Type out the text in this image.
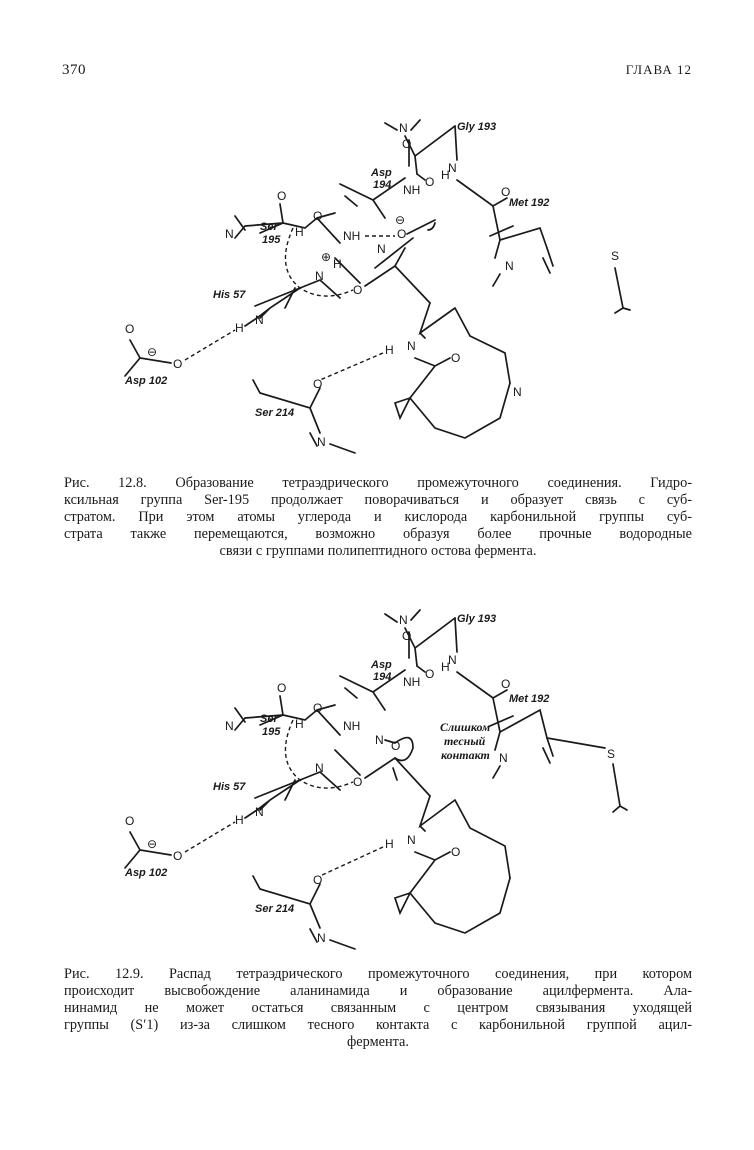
370	ГЛАВА 12
N
O
Gly 193
N
H
Asp
194	O
NH	O
Met 192
N
S
O
N Ser
195
H
O
NH	O
⊖
N
N
⊕ H
His 57
N
O
O
⊖
O
H
Asp 102
N
H
O
O
N
Ser 214
N
Рис. 12.8. Образование тетраэдрического промежуточного соединения. Гидро-
ксильная группа Ser-195 продолжает поворачиваться и образует связь с суб-
стратом. При этом атомы углерода и кислорода карбонильной группы суб-
страта также перемещаются, возможно образуя более прочные водородные
связи с группами полипептидного остова фермента.
N
O
Gly 193
N
H
Asp
194	O
NH	O
Met 192
N	S
Слишком
тесный
контакт
O
N Ser
195
H
O
NH
N O
N
His 57
N
O
O
⊖
O
H
Asp 102
N
H
O
O
Ser 214
N
Рис. 12.9. Распад тетраэдрического промежуточного соединения, при котором
происходит высвобождение аланинамида и образование ацилфермента. Ала-
нинамид не может остаться связанным с центром связывания уходящей
группы (S′1) из-за слишком тесного контакта с карбонильной группой ацил-
фермента.
